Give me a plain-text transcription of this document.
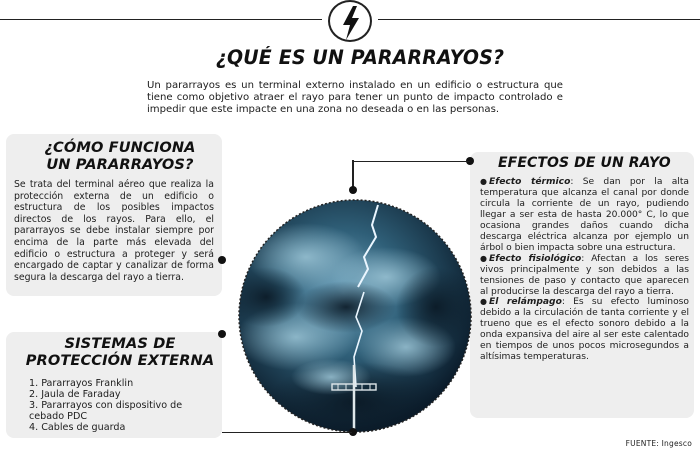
¿QUÉ ES UN PARARRAYOS?

Un pararrayos es un terminal externo instalado en un edificio o estructura que tiene como objetivo atraer el rayo para tener un punto de impacto controlado e impedir que este impacte en una zona no deseada o en las personas.

¿CÓMO FUNCIONA
UN PARARRAYOS?

Se trata del terminal aéreo que realiza la protección externa de un edificio o estructura de los posibles impactos directos de los rayos. Para ello, el pararrayos se debe instalar siempre por encima de la parte más elevada del edificio o estructura a proteger y será encargado de captar y canalizar de forma segura la descarga del rayo a tierra.

SISTEMAS DE
PROTECCIÓN EXTERNA
1. Pararrayos Franklin
2. Jaula de Faraday
3. Pararrayos con dispositivo de cebado PDC
4. Cables de guarda
EFECTOS DE UN RAYO
● Efecto térmico: Se dan por la alta temperatura que alcanza el canal por donde circula la corriente de un rayo, pudiendo llegar a ser esta de hasta 20.000° C, lo que ocasiona grandes daños cuando dicha descarga eléctrica alcanza por ejemplo un árbol o bien impacta sobre una estructura.
● Efecto fisiológico: Afectan a los seres vivos principalmente y son debidos a las tensiones de paso y contacto que aparecen al producirse la descarga del rayo a tierra.
● El relámpago: Es su efecto luminoso debido a la circulación de tanta corriente y el trueno que es el efecto sonoro debido a la onda expansiva del aire al ser este calentado en tiempos de unos pocos microsegundos a altísimas temperaturas.
FUENTE: Ingesco
